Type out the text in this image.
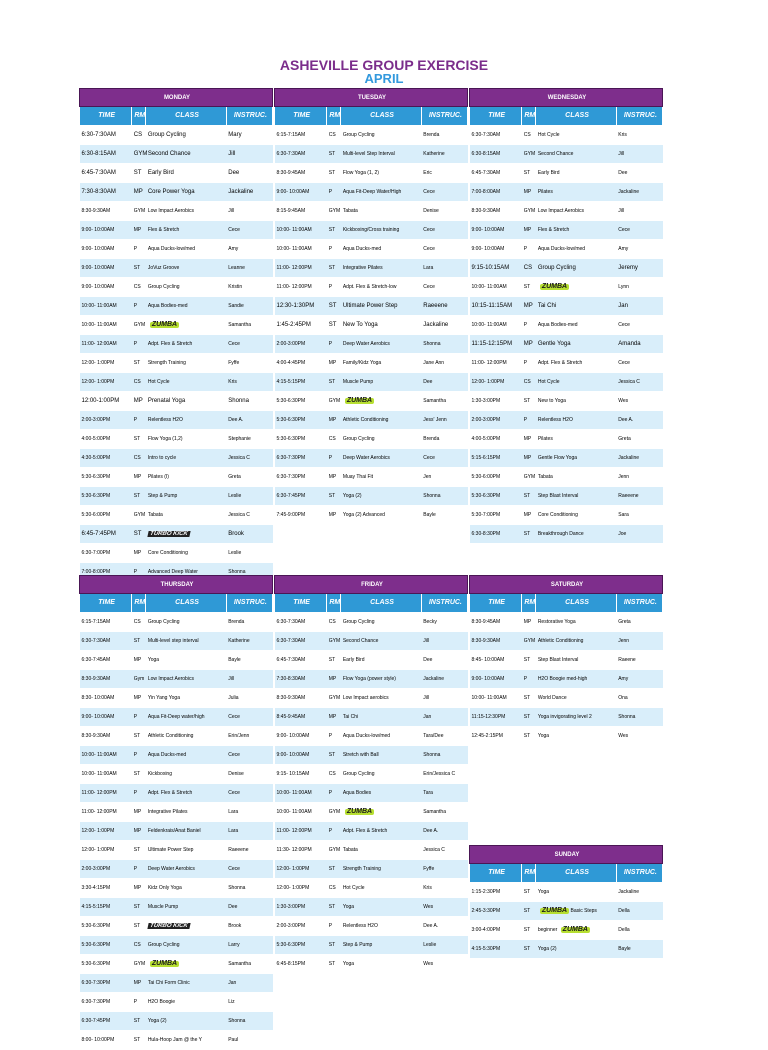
ASHEVILLE GROUP EXERCISE
APRIL
MONDAY			
TIME	RM	CLASS	INSTRUC.
6:30-7:30AM	CS	Group Cycling	Mary
6:30-8:15AM	GYM	Second Chance	Jill
6:45-7:30AM	ST	Early Bird	Dee
7:30-8:30AM	MP	Core Power Yoga	Jackaline
8:30-9:30AM	GYM	Low Impact Aerobics	Jill
9:00- 10:00AM	MP	Flex & Stretch	Cece
9:00- 10:00AM	P	Aqua Ducks-low/med	Amy
9:00- 10:00AM	ST	JoVuz Groove	Leanne
9:00- 10:00AM	CS	Group Cycling	Kristin
10:00- 11:00AM	P	Aqua Bodies-med	Sandie
10:00- 11:00AM	GYM	ZUMBA	Samantha
11:00- 12:00AM	P	Adpt. Flex & Stretch	Cece
12:00- 1:00PM	ST	Strength Training	Fyffe
12:00- 1:00PM	CS	Hot Cycle	Kris
12:00-1:00PM	MP	Prenatal Yoga	Shonna
2:00-3:00PM	P	Relentless H2O	Dee A.
4:00-5:00PM	ST	Flow Yoga (1,2)	Stephanie
4:30-5:00PM	CS	Intro to cycle	Jessica C
5:30-6:30PM	MP	Pilates (I)	Greta
5:30-6:30PM	ST	Step & Pump	Leslie
5:30-6:00PM	GYM	Tabata	Jessica C
6:45-7:45PM	ST	TURBO KICK	Brook
6:30-7:00PM	MP	Core Conditioning	Leslie
7:00-8:00PM	P	Advanced Deep Water	Shonna

TUESDAY			
TIME	RM	CLASS	INSTRUC.
6:15-7:15AM	CS	Group Cycling	Brenda
6:30-7:30AM	ST	Multi-level Step Interval	Katherine
8:30-9:45AM	ST	Flow Yoga (1, 2)	Eric
9:00- 10:00AM	P	Aqua Fit-Deep Water/High	Cece
8:15-9:45AM	GYM	Tabata	Denise
10:00- 11:00AM	ST	Kickboxing/Cross training	Cece
10:00- 11:00AM	P	Aqua Ducks-med	Cece
11:00- 12:00PM	ST	Integrative Pilates	Lara
11:00- 12:00PM	P	Adpt. Flex & Stretch-low	Cece
12:30-1:30PM	ST	Ultimate Power Step	Raeeene
1:45-2:45PM	ST	New To Yoga	Jackaline
2:00-3:00PM	P	Deep Water Aerobics	Shonna
4:00-4:45PM	MP	Family/Kidz Yoga	Jane Ann
4:15-5:15PM	ST	Muscle Pump	Dee
5:30-6:30PM	GYM	ZUMBA	Samantha
5:30-6:30PM	MP	Athletic Conditioning	Jess' Jenn
5:30-6:30PM	CS	Group Cycling	Brenda
6:30-7:30PM	P	Deep Water Aerobics	Cece
6:30-7:30PM	MP	Muay Thai Fit	Jen
6:30-7:45PM	ST	Yoga (2)	Shonna
7:45-9:00PM	MP	Yoga (2) Advanced	Bayle
WEDNESDAY			
TIME	RM	CLASS	INSTRUC.
6:30-7:30AM	CS	Hot Cycle	Kris
6:30-8:15AM	GYM	Second Chance	Jill
6:45-7:30AM	ST	Early Bird	Dee
7:00-8:00AM	MP	Pilates	Jackaline
8:30-9:30AM	GYM	Low Impact Aerobics	Jill
9:00- 10:00AM	MP	Flex & Stretch	Cece
9:00- 10:00AM	P	Aqua Ducks-low/med	Amy
9:15-10:15AM	CS	Group Cycling	Jeremy
10:00- 11:00AM	ST	ZUMBA	Lynn
10:15-11:15AM	MP	Tai Chi	Jan
10:00- 11:00AM	P	Aqua Bodies-med	Cece
11:15-12:15PM	MP	Gentle Yoga	Amanda
11:00- 12:00PM	P	Adpt. Flex & Stretch	Cece
12:00- 1:00PM	CS	Hot Cycle	Jessica C
1:30-3:00PM	ST	New to Yoga	Wes
2:00-3:00PM	P	Relentless H2O	Dee A.
4:00-5:00PM	MP	Pilates	Greta
5:15-6:15PM	MP	Gentle Flow Yoga	Jackaline
5:30-6:00PM	GYM	Tabata	Jenn
5:30-6:30PM	ST	Step Blast Interval	Raeeene
5:30-7:00PM	MP	Core Conditioning	Sara
6:30-8:30PM	ST	Breakthrough Dance	Joe
THURSDAY			
TIME	RM	CLASS	INSTRUC.
6:15-7:15AM	CS	Group Cycling	Brenda
6:30-7:30AM	ST	Multi-level step interval	Katherine
6:30-7:45AM	MP	Yoga	Bayle
8:30-9:30AM	Gym	Low Impact Aerobics	Jill
8:30- 10:00AM	MP	Yin Yang Yoga	Julia
9:00- 10:00AM	P	Aqua Fit-Deep water/high	Cece
8:30-9:30AM	ST	Athletic Conditioning	Erin/Jenn
10:00- 11:00AM	P	Aqua Ducks-med	Cece
10:00- 11:00AM	ST	Kickboxing	Denise
11:00- 12:00PM	P	Adpt. Flex & Stretch	Cece
11:00- 12:00PM	MP	Integrative Pilates	Lara
12:00- 1:00PM	MP	Feldenkrais/Anat Baniel	Lara
12:00- 1:00PM	ST	Ultimate Power Step	Raeeene
2:00-3:00PM	P	Deep Water Aerobics	Cece
3:30-4:15PM	MP	Kidz Only Yoga	Shonna
4:15-5:15PM	ST	Muscle Pump	Dee
5:30-6:30PM	ST	TURBO KICK	Brook
5:30-6:30PM	CS	Group Cycling	Larry
5:30-6:30PM	GYM	ZUMBA	Samantha
6:30-7:30PM	MP	Tai Chi Form Clinic	Jan
6:30-7:30PM	P	H2O Boogie	Liz
6:30-7:45PM	ST	Yoga (2)	Shonna
8:00- 10:00PM	ST	Hula-Hoop Jam @ the Y	Paul
FRIDAY			
TIME	RM	CLASS	INSTRUC.
6:30-7:30AM	CS	Group Cycling	Becky
6:30-7:30AM	GYM	Second Chance	Jill
6:45-7:30AM	ST	Early Bird	Dee
7:30-8:30AM	MP	Flow Yoga (power style)	Jackaline
8:30-9:30AM	GYM	Low Impact aerobics	Jill
8:45-9:45AM	MP	Tai Chi	Jan
9:00- 10:00AM	P	Aqua Ducks-low/med	Tara/Dee
9:00- 10:00AM	ST	Stretch with Ball	Shonna
9:15- 10:15AM	CS	Group Cycling	Erin/Jessica C
10:00- 11:00AM	P	Aqua Bodies	Tara
10:00- 11:00AM	GYM	ZUMBA	Samantha
11:00- 12:00PM	P	Adpt. Flex & Stretch	Dee A.
11:30- 12:00PM	GYM	Tabata	Jessica C
12:00- 1:00PM	ST	Strength Training	Fyffe
12:00- 1:00PM	CS	Hot Cycle	Kris
1:30-3:00PM	ST	Yoga	Wes
2:00-3:00PM	P	Relentless H2O	Dee A.
5:30-6:30PM	ST	Step & Pump	Leslie
6:45-8:15PM	ST	Yoga	Wes
SATURDAY			
TIME	RM	CLASS	INSTRUC.
8:30-9:45AM	MP	Restorative Yoga	Greta
8:30-9:30AM	GYM	Athletic Conditioning	Jenn
8:45- 10:00AM	ST	Step Blast Interval	Raeene
9:00- 10:00AM	P	H2O Boogie med-high	Amy
10:00- 11:00AM	ST	World Dance	Ona
11:15-12:30PM	ST	Yoga invigorating level 2	Shonna
12:45-2:15PM	ST	Yoga	Wes
SUNDAY			
TIME	RM	CLASS	INSTRUC.
1:15-2:30PM	ST	Yoga	Jackaline
2:45-3:30PM	ST	ZUMBA Basic Steps	Della
3:00-4:00PM	ST	beginner ZUMBA	Della
4:15-5:30PM	ST	Yoga (2)	Bayle
